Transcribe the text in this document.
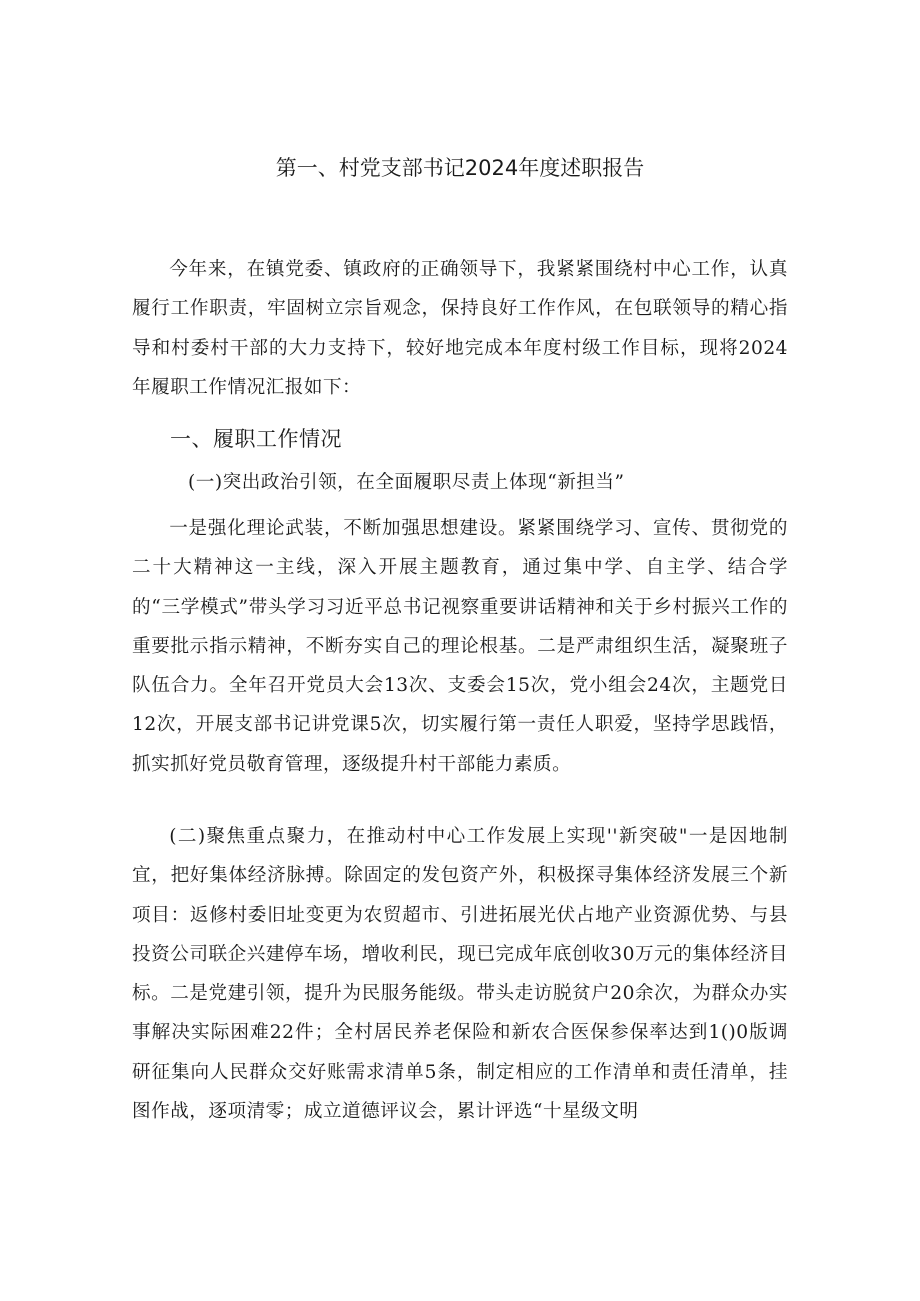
第一、村党支部书记2024年度述职报告

今年来，在镇党委、镇政府的正确领导下，我紧紧围绕村中心工作，认真履行工作职责，牢固树立宗旨观念，保持良好工作作风，在包联领导的精心指导和村委村干部的大力支持下，较好地完成本年度村级工作目标，现将2024年履职工作情况汇报如下：

一、履职工作情况
(一)突出政治引领，在全面履职尽责上体现“新担当”

一是强化理论武装，不断加强思想建设。紧紧围绕学习、宣传、贯彻党的二十大精神这一主线，深入开展主题教育，通过集中学、自主学、结合学的“三学模式”带头学习习近平总书记视察重要讲话精神和关于乡村振兴工作的重要批示指示精神，不断夯实自己的理论根基。二是严肃组织生活，凝聚班子队伍合力。全年召开党员大会13次、支委会15次，党小组会24次，主题党日12次，开展支部书记讲党课5次，切实履行第一责任人职爱，坚持学思践悟，抓实抓好党员敬育管理，逐级提升村干部能力素质。

(二)聚焦重点聚力，在推动村中心工作发展上实现''新突破"一是因地制宜，把好集体经济脉搏。除固定的发包资产外，积极探寻集体经济发展三个新项目：返修村委旧址变更为农贸超市、引进拓展光伏占地产业资源优势、与县投资公司联企兴建停车场，增收利民，现已完成年底创收30万元的集体经济目标。二是党建引领，提升为民服务能级。带头走访脱贫户20余次，为群众办实事解决实际困难22件；全村居民养老保险和新农合医保参保率达到1()0版调研征集向人民群众交好账需求清单5条，制定相应的工作清单和责任清单，挂图作战，逐项清零；成立道德评议会，累计评选“十星级文明
